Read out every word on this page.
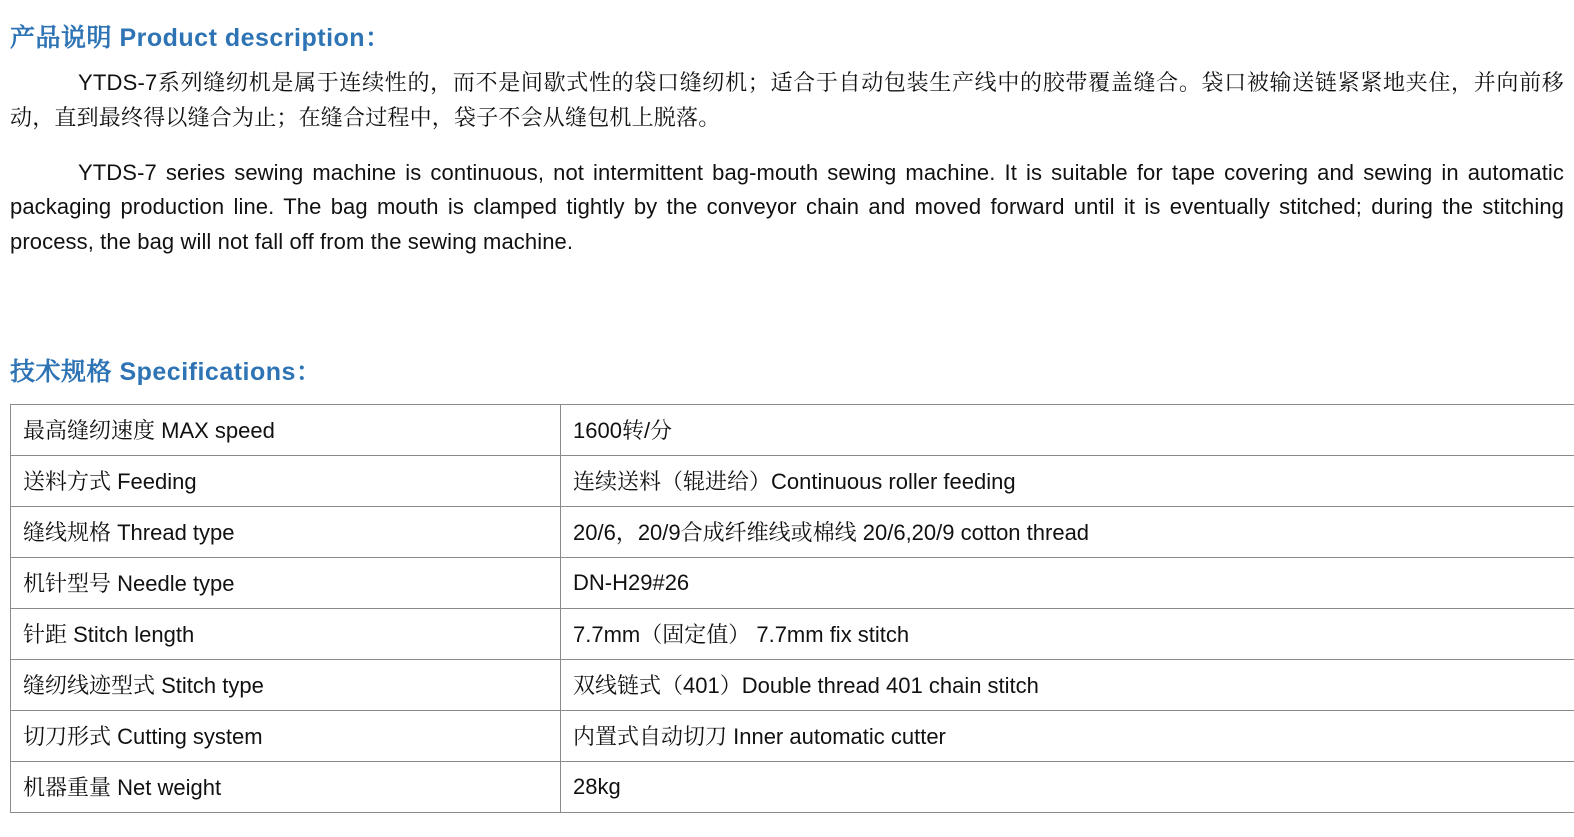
产品说明 Product description：

YTDS-7系列缝纫机是属于连续性的，而不是间歇式性的袋口缝纫机；适合于自动包装生产线中的胶带覆盖缝合。袋口被输送链紧紧地夹住，并向前移动，直到最终得以缝合为止；在缝合过程中，袋子不会从缝包机上脱落。

YTDS-7 series sewing machine is continuous, not intermittent bag-mouth sewing machine. It is suitable for tape covering and sewing in automatic packaging production line. The bag mouth is clamped tightly by the conveyor chain and moved forward until it is eventually stitched; during the stitching process, the bag will not fall off from the sewing machine.

技术规格 Specifications：
最高缝纫速度 MAX speed	1600转/分
送料方式 Feeding	连续送料（辊进给）Continuous roller feeding
缝线规格 Thread type	20/6，20/9合成纤维线或棉线 20/6,20/9 cotton thread
机针型号 Needle type	DN-H29#26
针距 Stitch length	7.7mm（固定值） 7.7mm fix stitch
缝纫线迹型式 Stitch type	双线链式（401）Double thread 401 chain stitch
切刀形式 Cutting system	内置式自动切刀 Inner automatic cutter
机器重量 Net weight	28kg
